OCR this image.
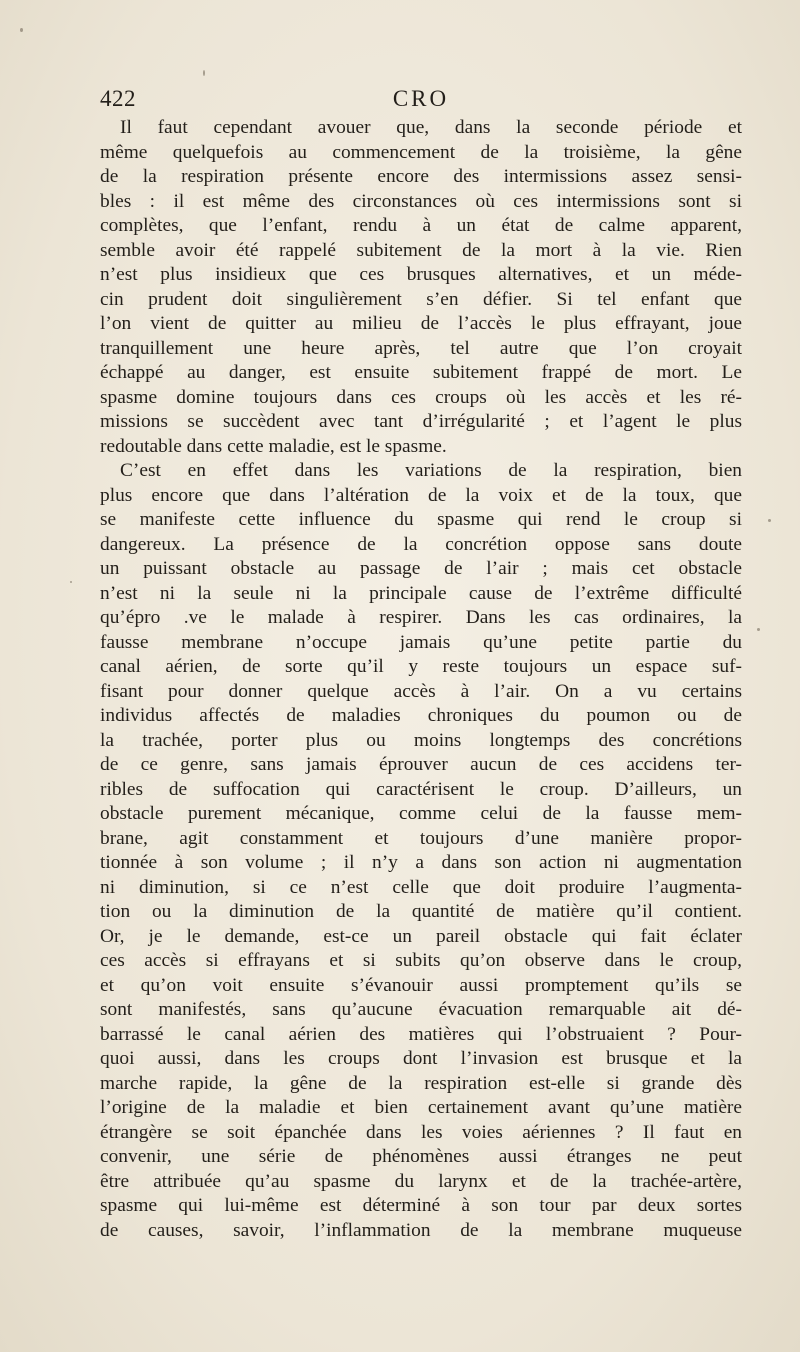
422	CRO
Il faut cependant avouer que, dans la seconde période et
même quelquefois au commencement de la troisième, la gêne
de la respiration présente encore des intermissions assez sensi-
bles : il est même des circonstances où ces intermissions sont si
complètes, que l’enfant, rendu à un état de calme apparent,
semble avoir été rappelé subitement de la mort à la vie. Rien
n’est plus insidieux que ces brusques alternatives, et un méde-
cin prudent doit singulièrement s’en défier. Si tel enfant que
l’on vient de quitter au milieu de l’accès le plus effrayant, joue
tranquillement une heure après, tel autre que l’on croyait
échappé au danger, est ensuite subitement frappé de mort. Le
spasme domine toujours dans ces croups où les accès et les ré-
missions se succèdent avec tant d’irrégularité ; et l’agent le plus
redoutable dans cette maladie, est le spasme.
C’est en effet dans les variations de la respiration, bien
plus encore que dans l’altération de la voix et de la toux, que
se manifeste cette influence du spasme qui rend le croup si
dangereux. La présence de la concrétion oppose sans doute
un puissant obstacle au passage de l’air ; mais cet obstacle
n’est ni la seule ni la principale cause de l’extrême difficulté
qu’épro .ve le malade à respirer. Dans les cas ordinaires, la
fausse membrane n’occupe jamais qu’une petite partie du
canal aérien, de sorte qu’il y reste toujours un espace suf-
fisant pour donner quelque accès à l’air. On a vu certains
individus affectés de maladies chroniques du poumon ou de
la trachée, porter plus ou moins longtemps des concrétions
de ce genre, sans jamais éprouver aucun de ces accidens ter-
ribles de suffocation qui caractérisent le croup. D’ailleurs, un
obstacle purement mécanique, comme celui de la fausse mem-
brane, agit constamment et toujours d’une manière propor-
tionnée à son volume ; il n’y a dans son action ni augmentation
ni diminution, si ce n’est celle que doit produire l’augmenta-
tion ou la diminution de la quantité de matière qu’il contient.
Or, je le demande, est-ce un pareil obstacle qui fait éclater
ces accès si effrayans et si subits qu’on observe dans le croup,
et qu’on voit ensuite s’évanouir aussi promptement qu’ils se
sont manifestés, sans qu’aucune évacuation remarquable ait dé-
barrassé le canal aérien des matières qui l’obstruaient ? Pour-
quoi aussi, dans les croups dont l’invasion est brusque et la
marche rapide, la gêne de la respiration est-elle si grande dès
l’origine de la maladie et bien certainement avant qu’une matière
étrangère se soit épanchée dans les voies aériennes ? Il faut en
convenir, une série de phénomènes aussi étranges ne peut
être attribuée qu’au spasme du larynx et de la trachée-artère,
spasme qui lui-même est déterminé à son tour par deux sortes
de causes, savoir, l’inflammation de la membrane muqueuse
